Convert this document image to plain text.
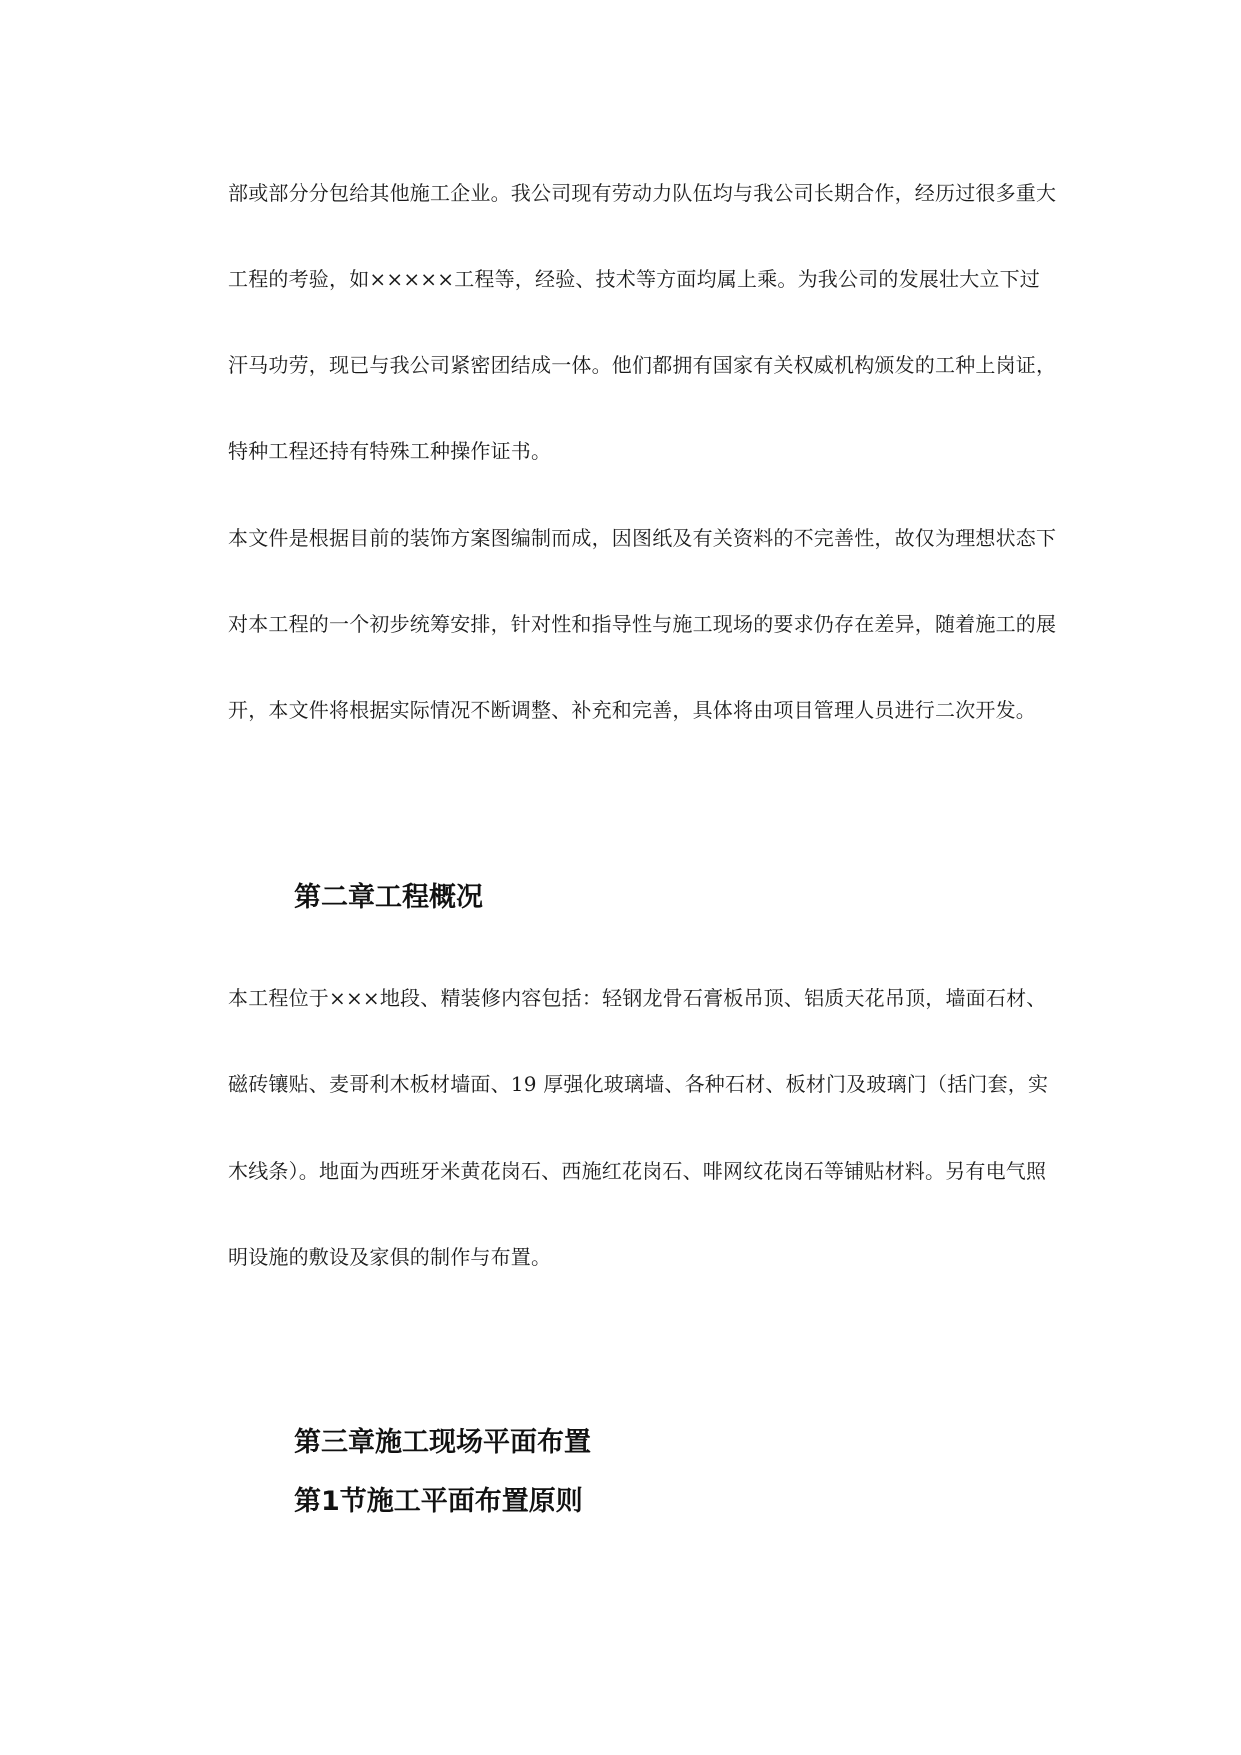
部或部分分包给其他施工企业。我公司现有劳动力队伍均与我公司长期合作，经历过很多重大
工程的考验，如×××××工程等，经验、技术等方面均属上乘。为我公司的发展壮大立下过
汗马功劳，现已与我公司紧密团结成一体。他们都拥有国家有关权威机构颁发的工种上岗证，
特种工程还持有特殊工种操作证书。
本文件是根据目前的装饰方案图编制而成，因图纸及有关资料的不完善性，故仅为理想状态下
对本工程的一个初步统筹安排，针对性和指导性与施工现场的要求仍存在差异，随着施工的展
开，本文件将根据实际情况不断调整、补充和完善，具体将由项目管理人员进行二次开发。
第二章工程概况
本工程位于×××地段、精装修内容包括：轻钢龙骨石膏板吊顶、铝质天花吊顶，墙面石材、
磁砖镶贴、麦哥利木板材墙面、19 厚强化玻璃墙、各种石材、板材门及玻璃门（括门套，实
木线条）。地面为西班牙米黄花岗石、西施红花岗石、啡网纹花岗石等铺贴材料。另有电气照
明设施的敷设及家俱的制作与布置。
第三章施工现场平面布置
第1节施工平面布置原则
